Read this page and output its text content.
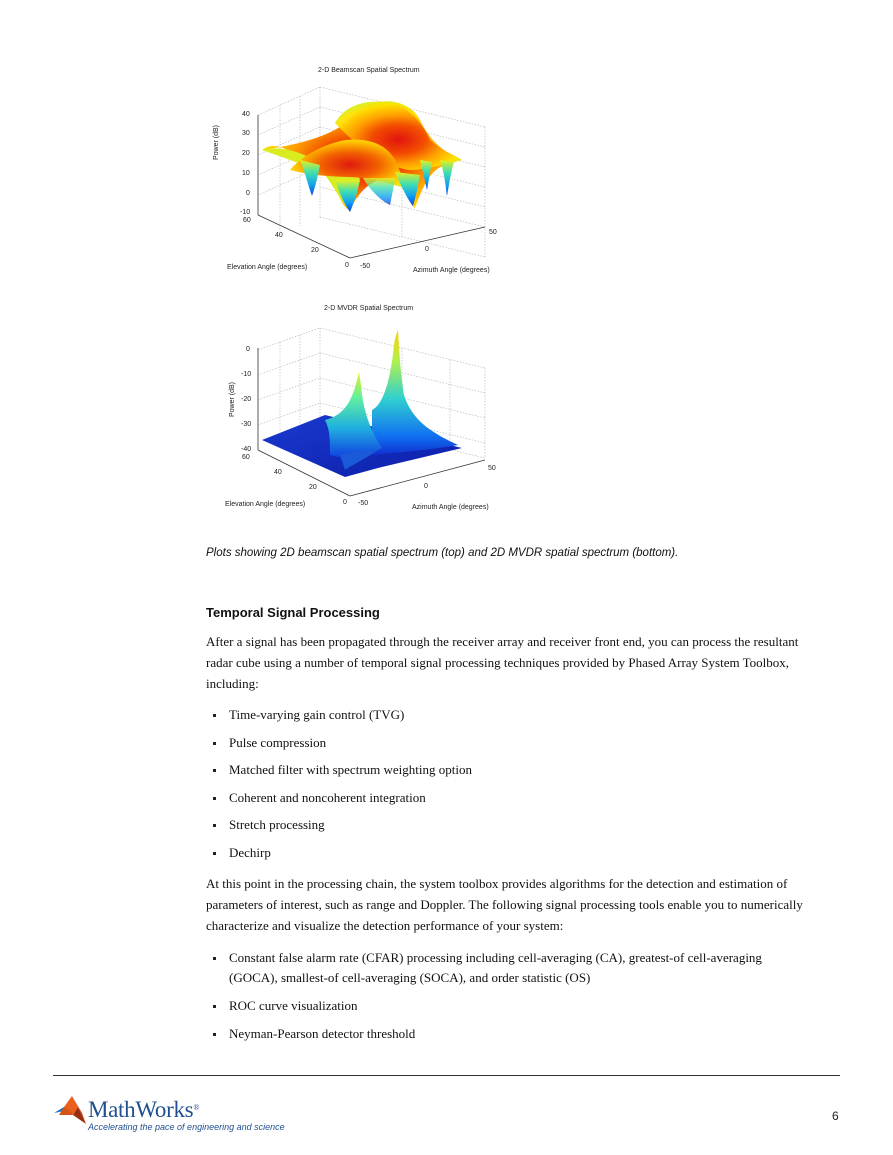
2-D Beamscan Spatial Spectrum
Power (dB)
40
30
20
10
0
-10
60
40
20
0 -50
0
50
Elevation Angle (degrees)	Azimuth Angle (degrees)
2-D MVDR Spatial Spectrum
Power (dB)
0
-10
-20
-30
-40
60
40
20
0 -50
0
50
Elevation Angle (degrees)	Azimuth Angle (degrees)
Plots showing 2D beamscan spatial spectrum (top) and 2D MVDR spatial spectrum (bottom).
Temporal Signal Processing
After a signal has been propagated through the receiver array and receiver front end, you can process the resultant radar cube using a number of temporal signal processing techniques provided by Phased Array System Toolbox, including:
Time-varying gain control (TVG)
Pulse compression
Matched filter with spectrum weighting option
Coherent and noncoherent integration
Stretch processing
Dechirp
At this point in the processing chain, the system toolbox provides algorithms for the detection and estimation of parameters of interest, such as range and Doppler. The following signal processing tools enable you to numerically characterize and visualize the detection performance of your system:
Constant false alarm rate (CFAR) processing including cell-averaging (CA), greatest-of cell-averaging (GOCA), smallest-of cell-averaging (SOCA), and order statistic (OS)
ROC curve visualization
Neyman-Pearson detector threshold
MathWorks®
Accelerating the pace of engineering and science
6
